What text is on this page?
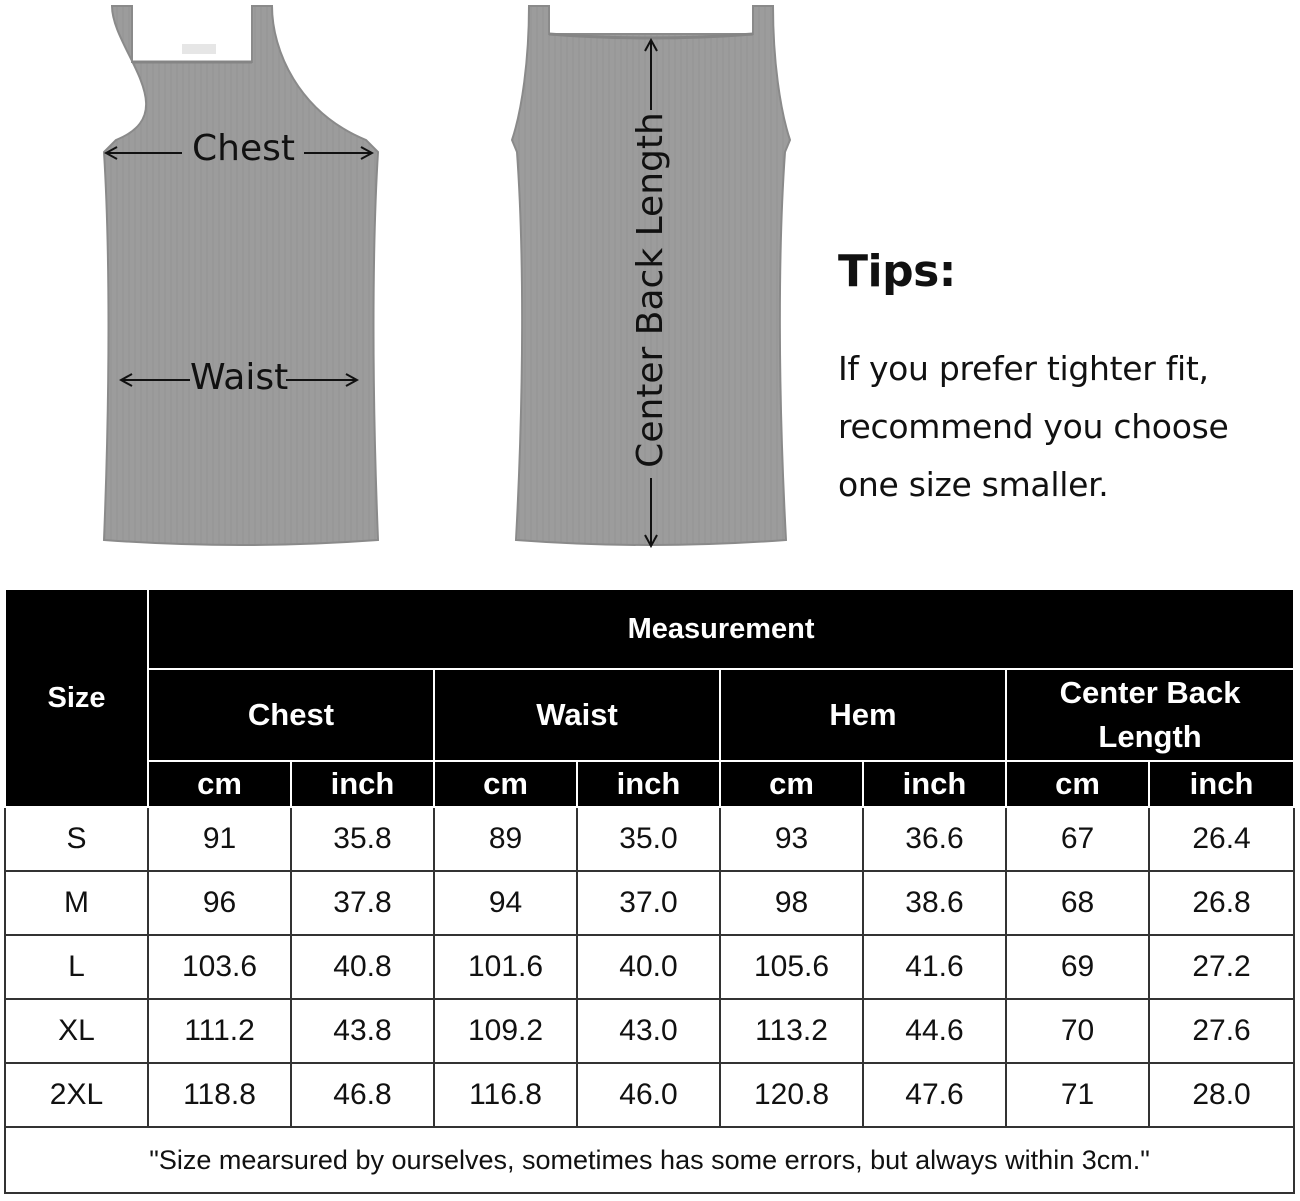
Chest
Waist	Center Back Length	Tips:
If you prefer tighter fit,
recommend you choose
one size smaller.
Size	Measurement							
	Chest		Waist		Hem		Center Back
Length	
	cm	inch	cm	inch	cm	inch	cm	inch
S	91	35.8	89	35.0	93	36.6	67	26.4
M	96	37.8	94	37.0	98	38.6	68	26.8
L	103.6	40.8	101.6	40.0	105.6	41.6	69	27.2
XL	111.2	43.8	109.2	43.0	113.2	44.6	70	27.6
2XL	118.8	46.8	116.8	46.0	120.8	47.6	71	28.0
"Size mearsured by ourselves, sometimes has some errors, but always within 3cm."								
